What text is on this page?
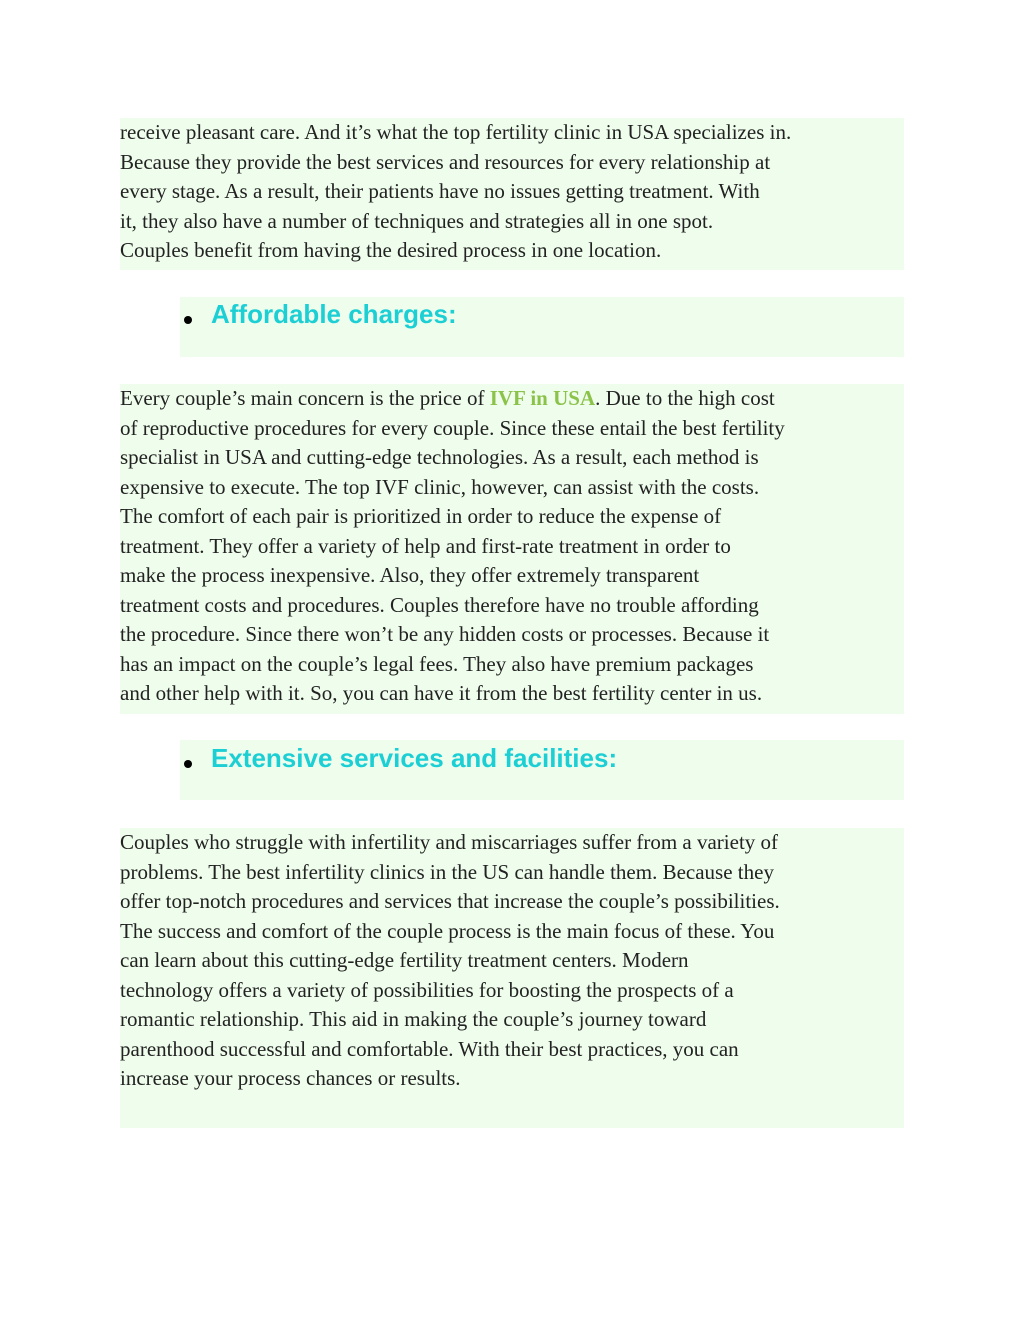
receive pleasant care. And it’s what the top fertility clinic in USA specializes in.
Because they provide the best services and resources for every relationship at
every stage. As a result, their patients have no issues getting treatment. With
it, they also have a number of techniques and strategies all in one spot.
Couples benefit from having the desired process in one location.

Affordable charges:

Every couple’s main concern is the price of IVF in USA. Due to the high cost
of reproductive procedures for every couple. Since these entail the best fertility
specialist in USA and cutting-edge technologies. As a result, each method is
expensive to execute. The top IVF clinic, however, can assist with the costs.
The comfort of each pair is prioritized in order to reduce the expense of
treatment. They offer a variety of help and first-rate treatment in order to
make the process inexpensive. Also, they offer extremely transparent
treatment costs and procedures. Couples therefore have no trouble affording
the procedure. Since there won’t be any hidden costs or processes. Because it
has an impact on the couple’s legal fees. They also have premium packages
and other help with it. So, you can have it from the best fertility center in us.

Extensive services and facilities:

Couples who struggle with infertility and miscarriages suffer from a variety of
problems. The best infertility clinics in the US can handle them. Because they
offer top-notch procedures and services that increase the couple’s possibilities.
The success and comfort of the couple process is the main focus of these. You
can learn about this cutting-edge fertility treatment centers. Modern
technology offers a variety of possibilities for boosting the prospects of a
romantic relationship. This aid in making the couple’s journey toward
parenthood successful and comfortable. With their best practices, you can
increase your process chances or results.
